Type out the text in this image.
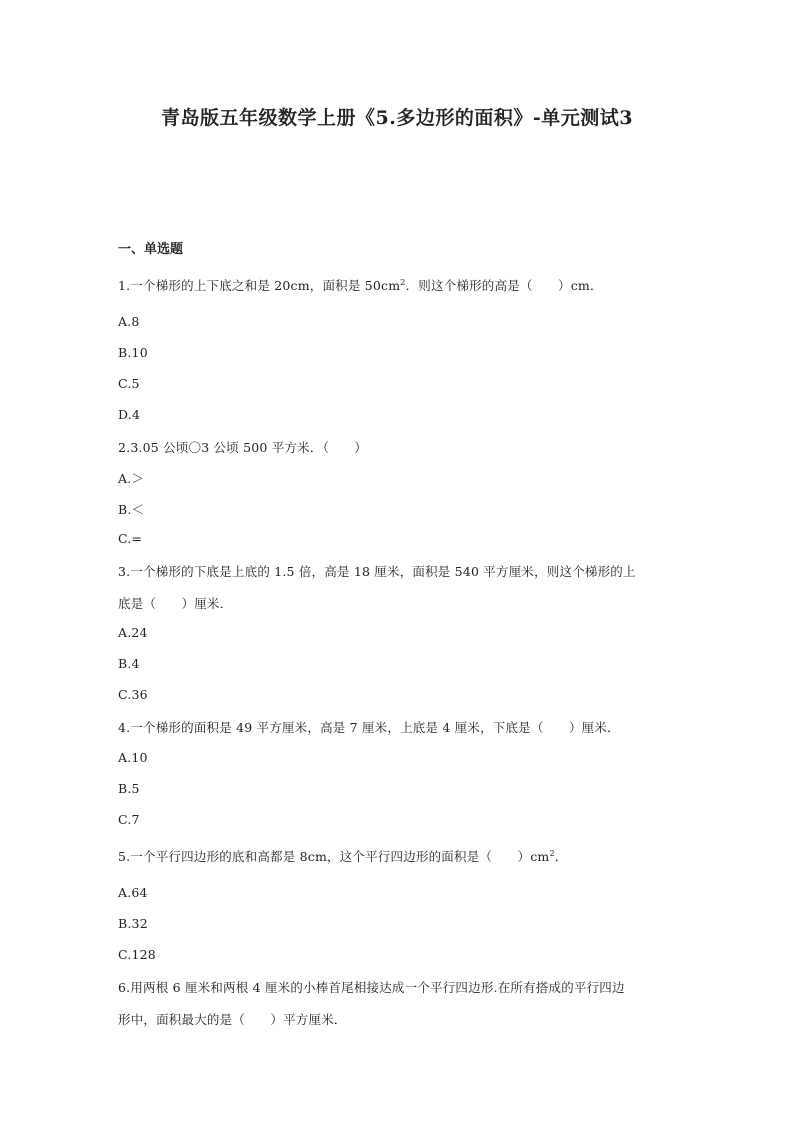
青岛版五年级数学上册《5.多边形的面积》-单元测试3
一、单选题
1.一个梯形的上下底之和是 20cm，面积是 $50cm^2$．则这个梯形的高是（　　）cm．
A.8
B.10
C.5
D.4
2.3.05 公顷〇3 公顷 500 平方米．（　　）
A.＞
B.＜
C.=
3.一个梯形的下底是上底的 1.5 倍，高是 18 厘米，面积是 540 平方厘米，则这个梯形的上
底是（　　）厘米．
A.24
B.4
C.36
4.一个梯形的面积是 49 平方厘米，高是 7 厘米，上底是 4 厘米，下底是（　　）厘米．
A.10
B.5
C.7
5.一个平行四边形的底和高都是 8cm，这个平行四边形的面积是（　　）$cm^2$．
A.64
B.32
C.128
6.用两根 6 厘米和两根 4 厘米的小棒首尾相接达成一个平行四边形.在所有搭成的平行四边
形中，面积最大的是（　　）平方厘米．
